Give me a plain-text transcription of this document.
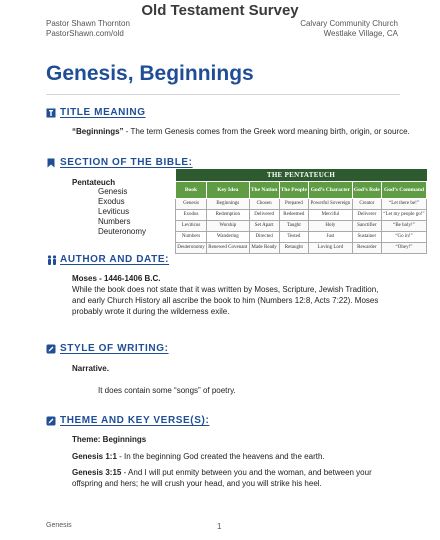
Old Testament Survey
Pastor Shawn Thornton
PastorShawn.com/old
Calvary Community Church
Westlake Village, CA
Genesis, Beginnings
TITLE MEANING
“Beginnings” - The term Genesis comes from the Greek word meaning birth, origin, or source.
SECTION OF THE BIBLE:
Pentateuch
Genesis
Exodus
Leviticus
Numbers
Deuteronomy
THE PENTATEUCH						
Book	Key Idea	The Nation	The People	God’s Character	God’s Role	God’s Command
Genesis	Beginnings	Chosen	Prepared	Powerful Sovereign	Creator	“Let there be!”
Exodus	Redemption	Delivered	Redeemed	Merciful	Deliverer	“Let my people go!”
Leviticus	Worship	Set Apart	Taught	Holy	Sanctifier	“Be holy!”
Numbers	Wandering	Directed	Tested	Just	Sustainer	“Go in!”
Deuteronomy	Renewed Covenant	Made Ready	Retaught	Loving Lord	Rewarder	“Obey!”
AUTHOR AND DATE:
Moses - 1446-1406 B.C.
While the book does not state that it was written by Moses, Scripture, Jewish Tradition,
and early Church History all ascribe the book to him (Numbers 12:8, Acts 7:22). Moses
probably wrote it during the wilderness exile.
STYLE OF WRITING:
Narrative.
It does contain some “songs” of poetry.
THEME AND KEY VERSE(S):
Theme: Beginnings
Genesis 1:1 - In the beginning God created the heavens and the earth.
Genesis 3:15 - And I will put enmity between you and the woman, and between your
offspring and hers; he will crush your head, and you will strike his heel.
Genesis	1
